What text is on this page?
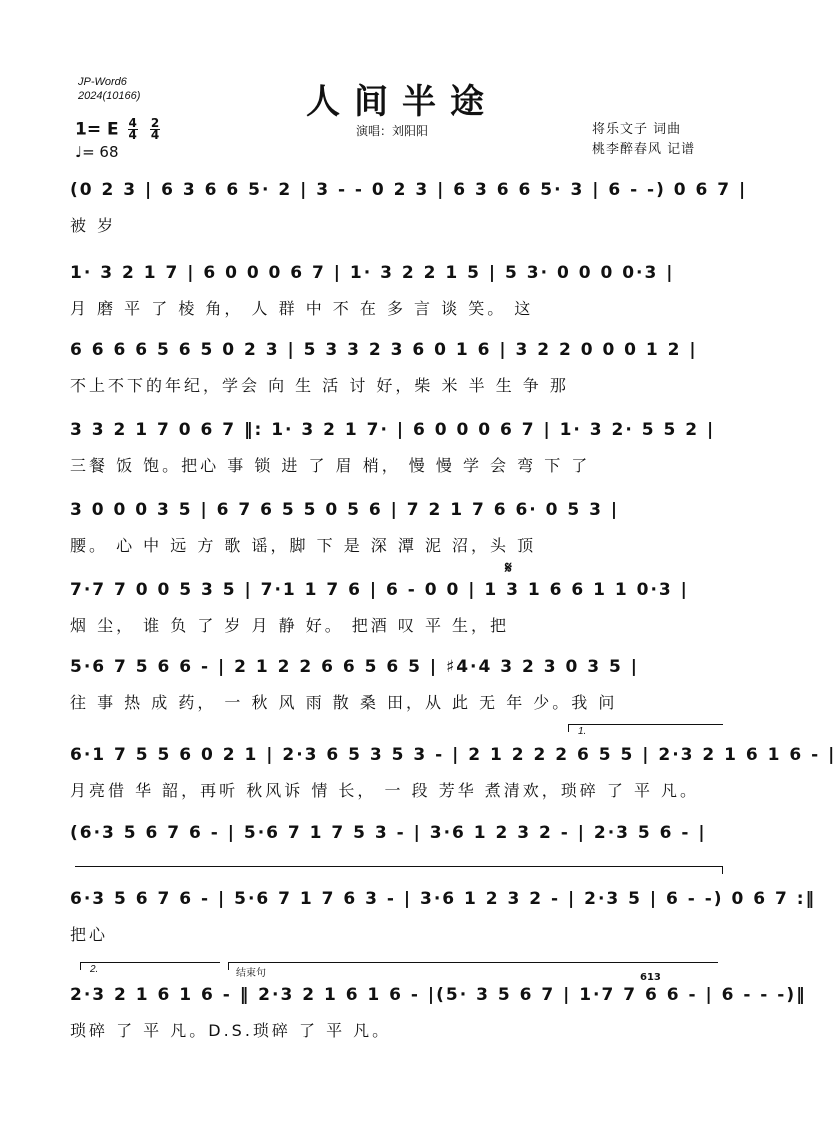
JP-Word6
2024(10166)	人间半途
1= E $\frac{4}{4}$
$\frac{2}{4}$
♩= 68
演唱：刘阳阳	将乐文子 词曲
桃李醉春风 记谱
(0 2 3 | 6 3 6 6 5· 2 | 3 - - 0 2 3 | 6 3 6 6 5· 3 | 6 - -) 0 6 7 |
被 岁
1· 3 2 1 7 | 6 0 0 0 6 7 | 1· 3 2 2 1 5 | 5 3· 0 0 0 0·3 |
月 磨 平 了 棱 角， 人 群 中 不 在 多 言 谈 笑。 这
6 6 6 6 5 6 5 0 2 3 | 5 3 3 2 3 6 0 1 6 | 3 2 2 0 0 0 1 2 |
不上不下的年纪，学会 向 生 活 讨 好，柴 米 半 生 争 那
3 3 2 1 7 0 6 7 ‖: 1· 3 2 1 7· | 6 0 0 0 6 7 | 1· 3 2· 5 5 2 |
三餐 饭 饱。把心 事 锁 进 了 眉 梢， 慢 慢 学 会 弯 下 了
3 0 0 0 3 5 | 6 7 6 5 5 0 5 6 | 7 2 1 7 6 6· 0 5 3 |
腰。 心 中 远 方 歌 谣，脚 下 是 深 潭 泥 沼，头 顶
𝄋
7·7 7 0 0 5 3 5 | 7·1 1 7 6 | 6 - 0 0 | 1 3 1 6 6 1 1 0·3 |
烟 尘， 谁 负 了 岁 月 静 好。 把酒 叹 平 生，把
5·6 7 5 6 6 - | 2 1 2 2 6 6 5 6 5 | ♯4·4 3 2 3 0 3 5 |
往 事 热 成 药， 一 秋 风 雨 散 桑 田，从 此 无 年 少。我 问
1.
6·1 7 5 5 6 0 2 1 | 2·3 6 5 3 5 3 - | 2 1 2 2 2 6 5 5 | 2·3 2 1 6 1 6 - |
月亮借 华 韶，再听 秋风诉 情 长， 一 段 芳华 煮清欢，琐碎 了 平 凡。
(6·3 5 6 7 6 - | 5·6 7 1 7 5 3 - | 3·6 1 2 3 2 - | 2·3 5 6 - |
6·3 5 6 7 6 - | 5·6 7 1 7 6 3 - | 3·6 1 2 3 2 - | 2·3 5 | 6 - -) 0 6 7 :‖
把心
2.	结束句	613
2·3 2 1 6 1 6 - ‖ 2·3 2 1 6 1 6 - |(5· 3 5 6 7 | 1·7 7 6 6 - | 6 - - -)‖
琐碎 了 平 凡。D.S.琐碎 了 平 凡。
